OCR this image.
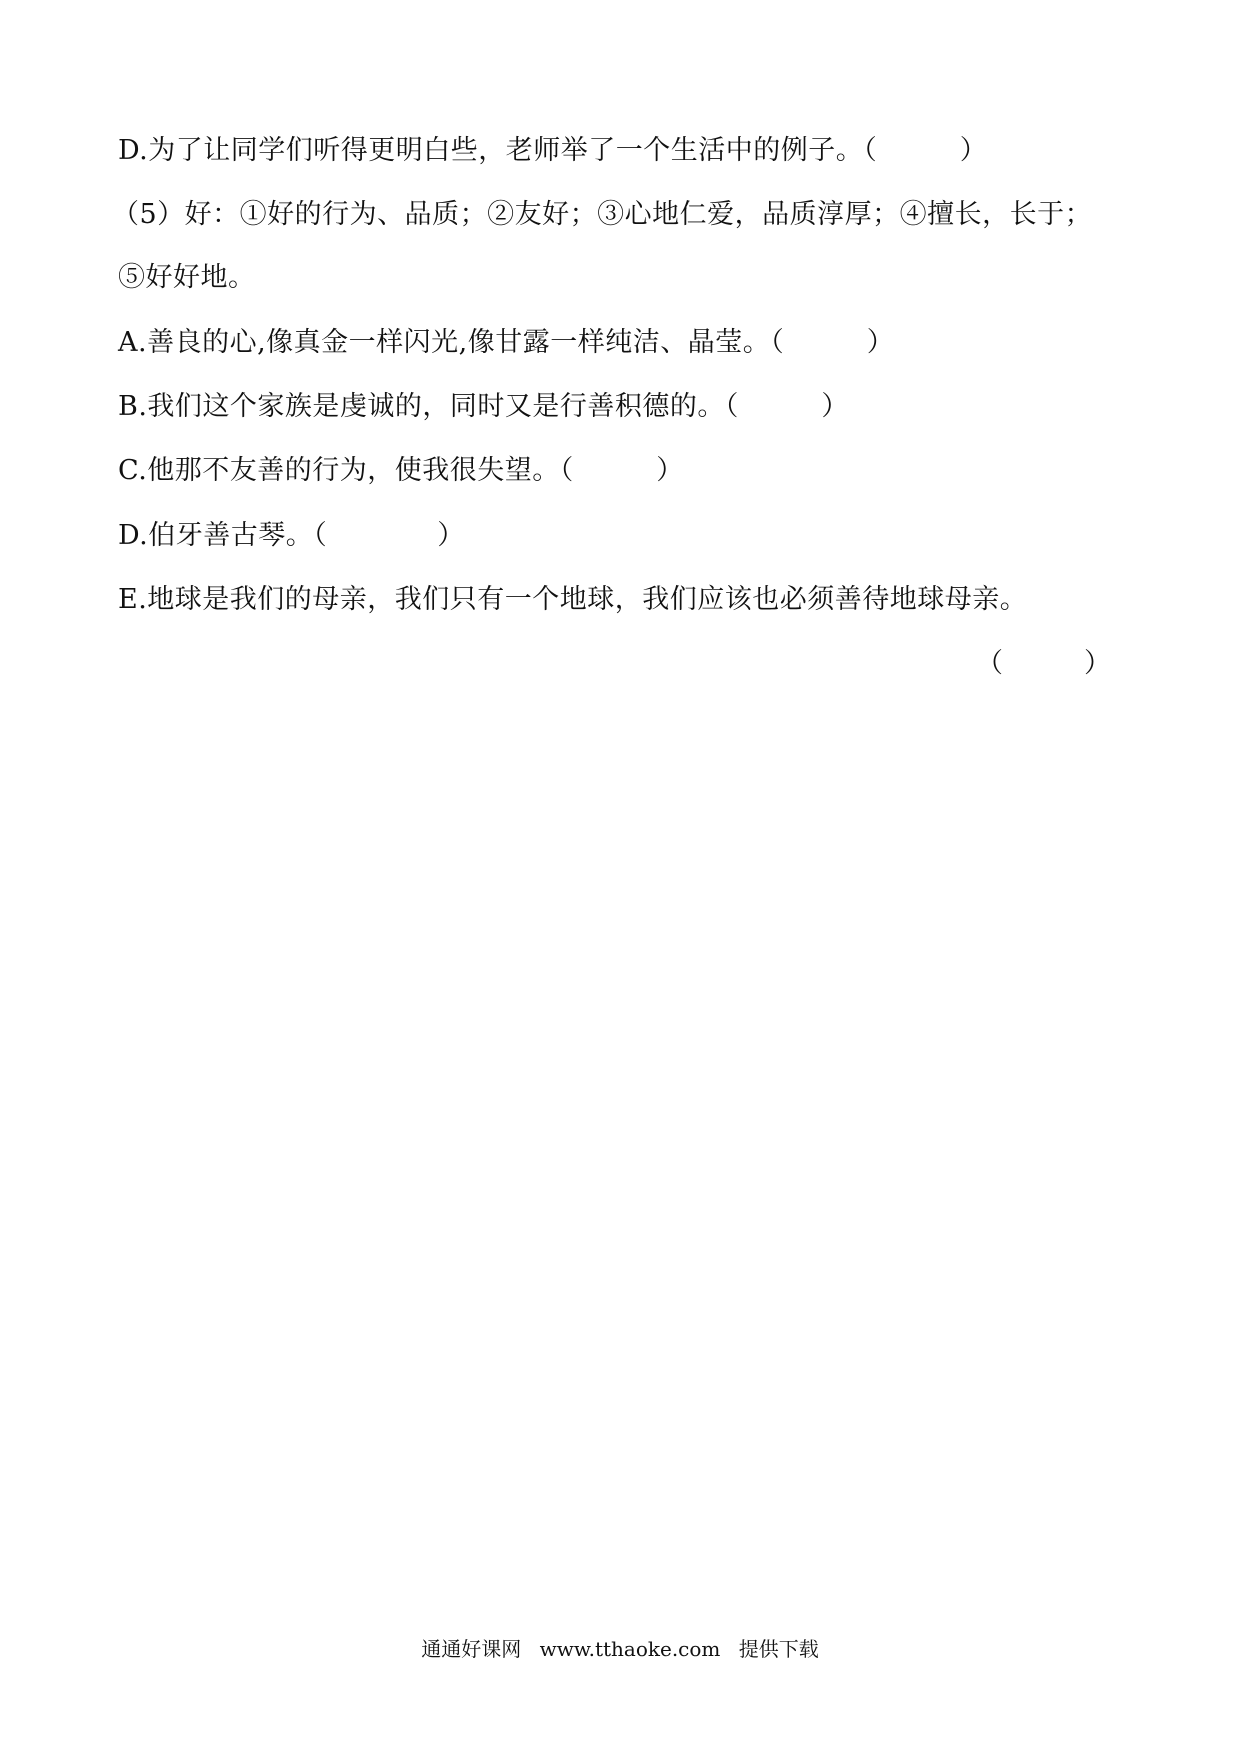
D.为了让同学们听得更明白些，老师举了一个生活中的例子。（　　　）
（5）好：①好的行为、品质；②友好；③心地仁爱，品质淳厚；④擅长，长于；
⑤好好地。
A.善良的心,像真金一样闪光,像甘露一样纯洁、晶莹。（　　　）
B.我们这个家族是虔诚的，同时又是行善积德的。（　　　）
C.他那不友善的行为，使我很失望。（　　　）
D.伯牙善古琴。（　　　　）
E.地球是我们的母亲，我们只有一个地球，我们应该也必须善待地球母亲。
（　　　）
通通好课网 www.tthaoke.com 提供下载
